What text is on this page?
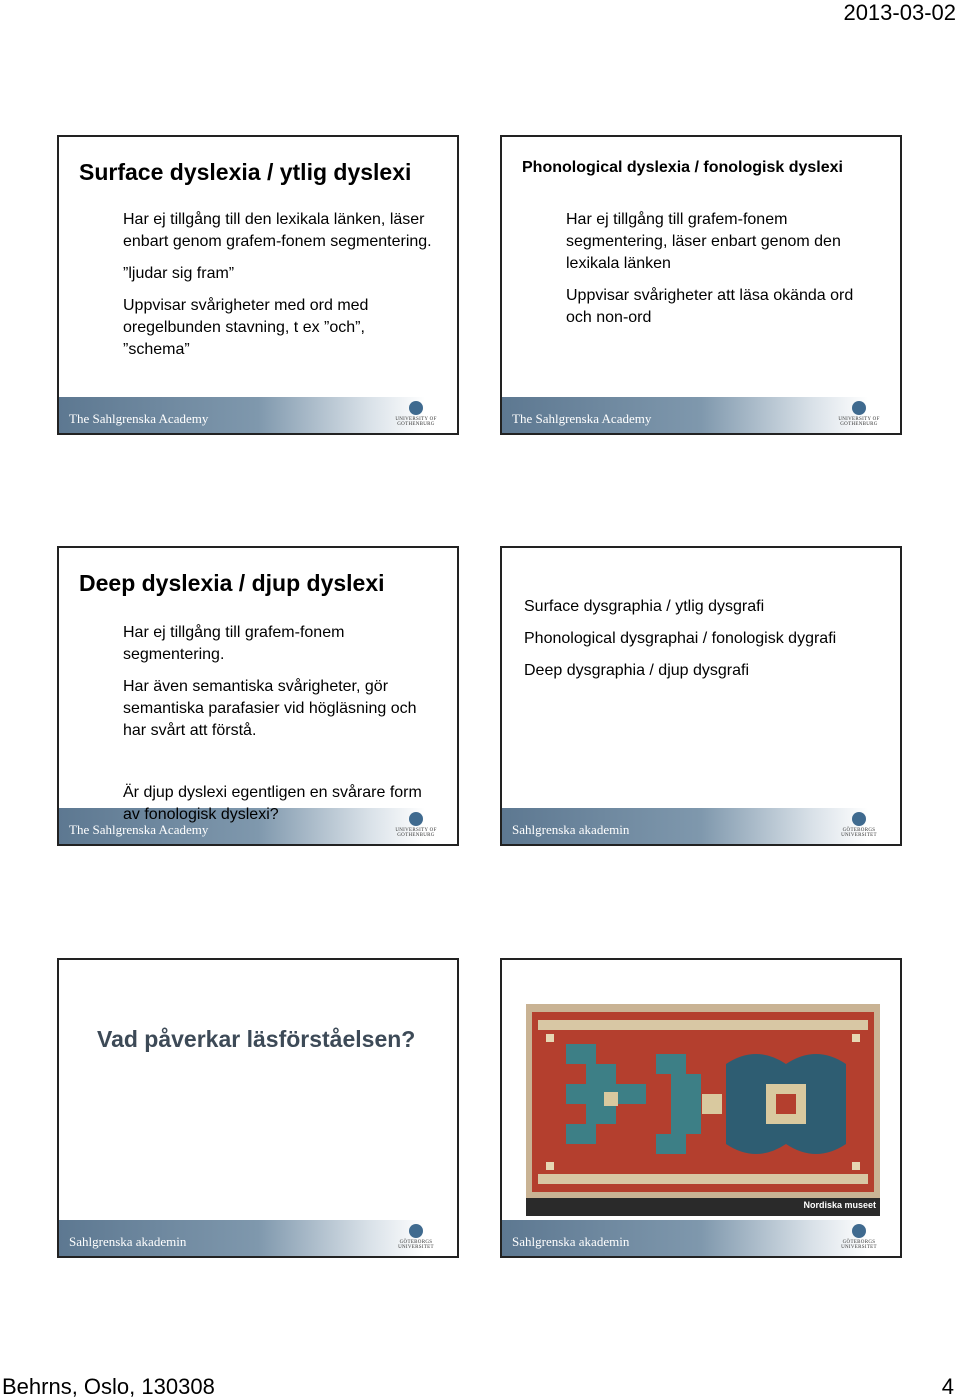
2013-03-02
Surface dyslexia / ytlig dyslexi

Har ej tillgång till den lexikala länken, läser enbart genom grafem-fonem segmentering.

”ljudar sig fram”

Uppvisar svårigheter med ord med oregelbunden stavning, t ex ”och”, ”schema”

The Sahlgrenska Academy	UNIVERSITY OF GOTHENBURG
Phonological dyslexia / fonologisk dyslexi

Har ej tillgång till grafem-fonem segmentering, läser enbart genom den lexikala länken

Uppvisar svårigheter att läsa okända ord och non-ord

The Sahlgrenska Academy	UNIVERSITY OF GOTHENBURG
Deep dyslexia / djup dyslexi

Har ej tillgång till grafem-fonem segmentering.

Har även semantiska svårigheter, gör semantiska parafasier vid högläsning och har svårt att förstå.

The Sahlgrenska Academy
Är djup dyslexi egentligen en svårare form av fonologisk dyslexi?
UNIVERSITY OF GOTHENBURG

Surface dysgraphia / ytlig dysgrafi

Phonological dysgraphai / fonologisk dygrafi

Deep dysgraphia / djup dysgrafi

Sahlgrenska akademin	GÖTEBORGS UNIVERSITET
Vad påverkar läsförståelsen?
Sahlgrenska akademin	GÖTEBORGS UNIVERSITET
Nordiska museet
Sahlgrenska akademin	GÖTEBORGS UNIVERSITET
Behrns, Oslo, 130308	4
